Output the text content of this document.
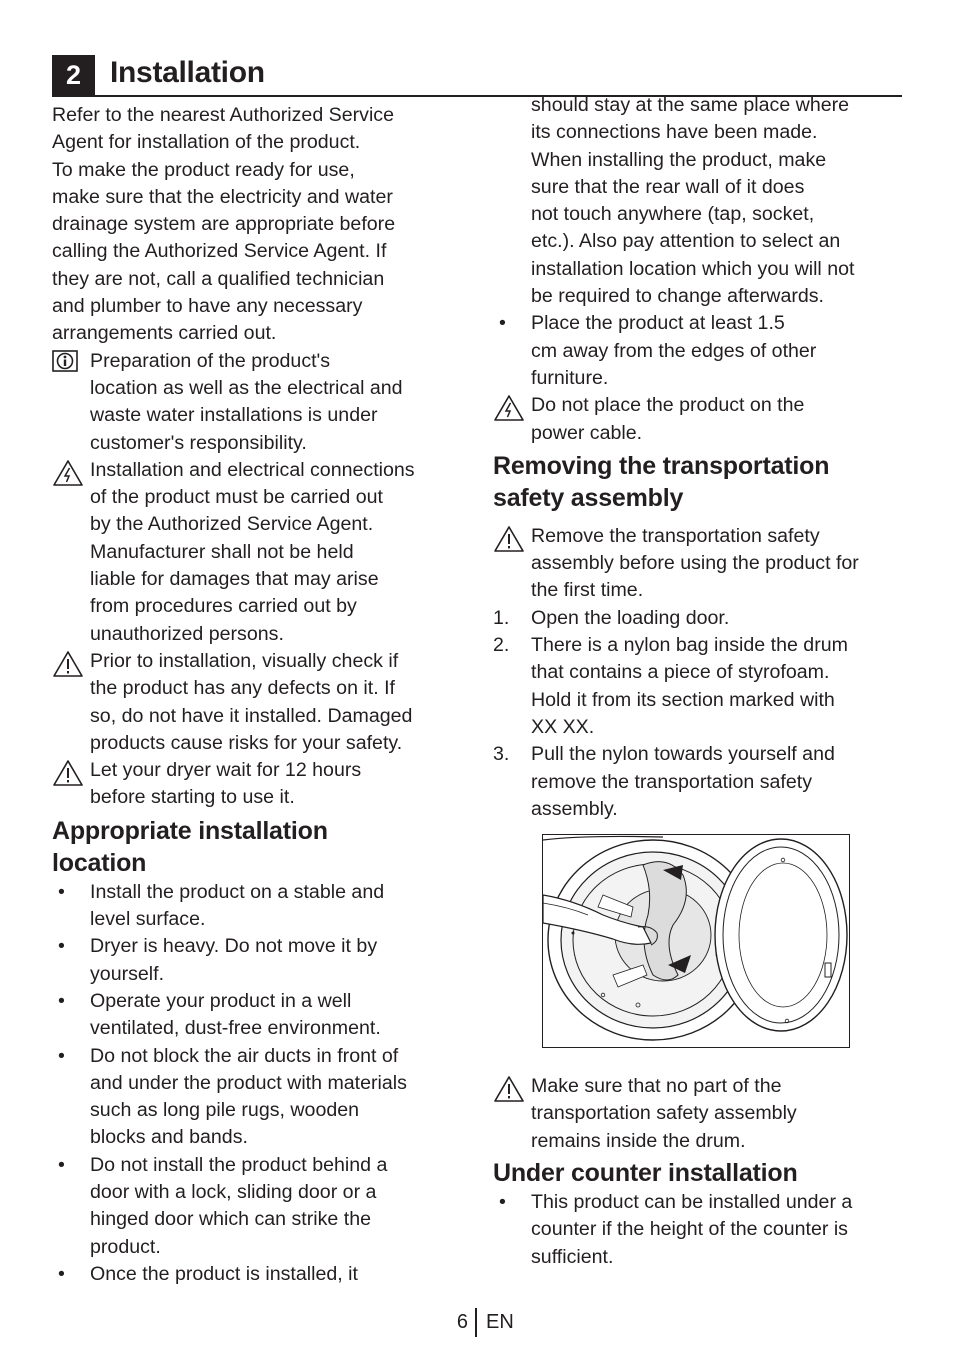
2 Installation
Refer to the nearest Authorized Service
Agent for installation of the product.
To make the product ready for use,
make sure that the electricity and water
drainage system are appropriate before
calling the Authorized Service Agent. If
they are not, call a qualified technician
and plumber to have any necessary
arrangements carried out.
Preparation of the product's
location as well as the electrical and
waste water installations is under
customer's responsibility.
Installation and electrical connections
of the product must be carried out
by the Authorized Service Agent.
Manufacturer shall not be held
liable for damages that may arise
from procedures carried out by
unauthorized persons.
Prior to installation, visually check if
the product has any defects on it. If
so, do not have it installed. Damaged
products cause risks for your safety.
Let your dryer wait for 12 hours
before starting to use it.
Appropriate installation
location
•	Install the product on a stable and
level surface.
•	Dryer is heavy. Do not move it by
yourself.
•	Operate your product in a well
ventilated, dust-free environment.
•	Do not block the air ducts in front of
and under the product with materials
such as long pile rugs, wooden
blocks and bands.
•	Do not install the product behind a
door with a lock, sliding door or a
hinged door which can strike the
product.
•	Once the product is installed, it
should stay at the same place where
its connections have been made.
When installing the product, make
sure that the rear wall of it does
not touch anywhere (tap, socket,
etc.). Also pay attention to select an
installation location which you will not
be required to change afterwards.
•	Place the product at least 1.5
cm away from the edges of other
furniture.
Do not place the product on the
power cable.
Removing the transportation
safety assembly
Remove the transportation safety
assembly before using the product for
the first time.
1.	Open the loading door.
2.	There is a nylon bag inside the drum
that contains a piece of styrofoam.
Hold it from its section marked with
XX XX.
3.	Pull the nylon towards yourself and
remove the transportation safety
assembly.
Make sure that no part of the
transportation safety assembly
remains inside the drum.
Under counter installation
•	This product can be installed under a
counter if the height of the counter is
sufficient.
6 EN
